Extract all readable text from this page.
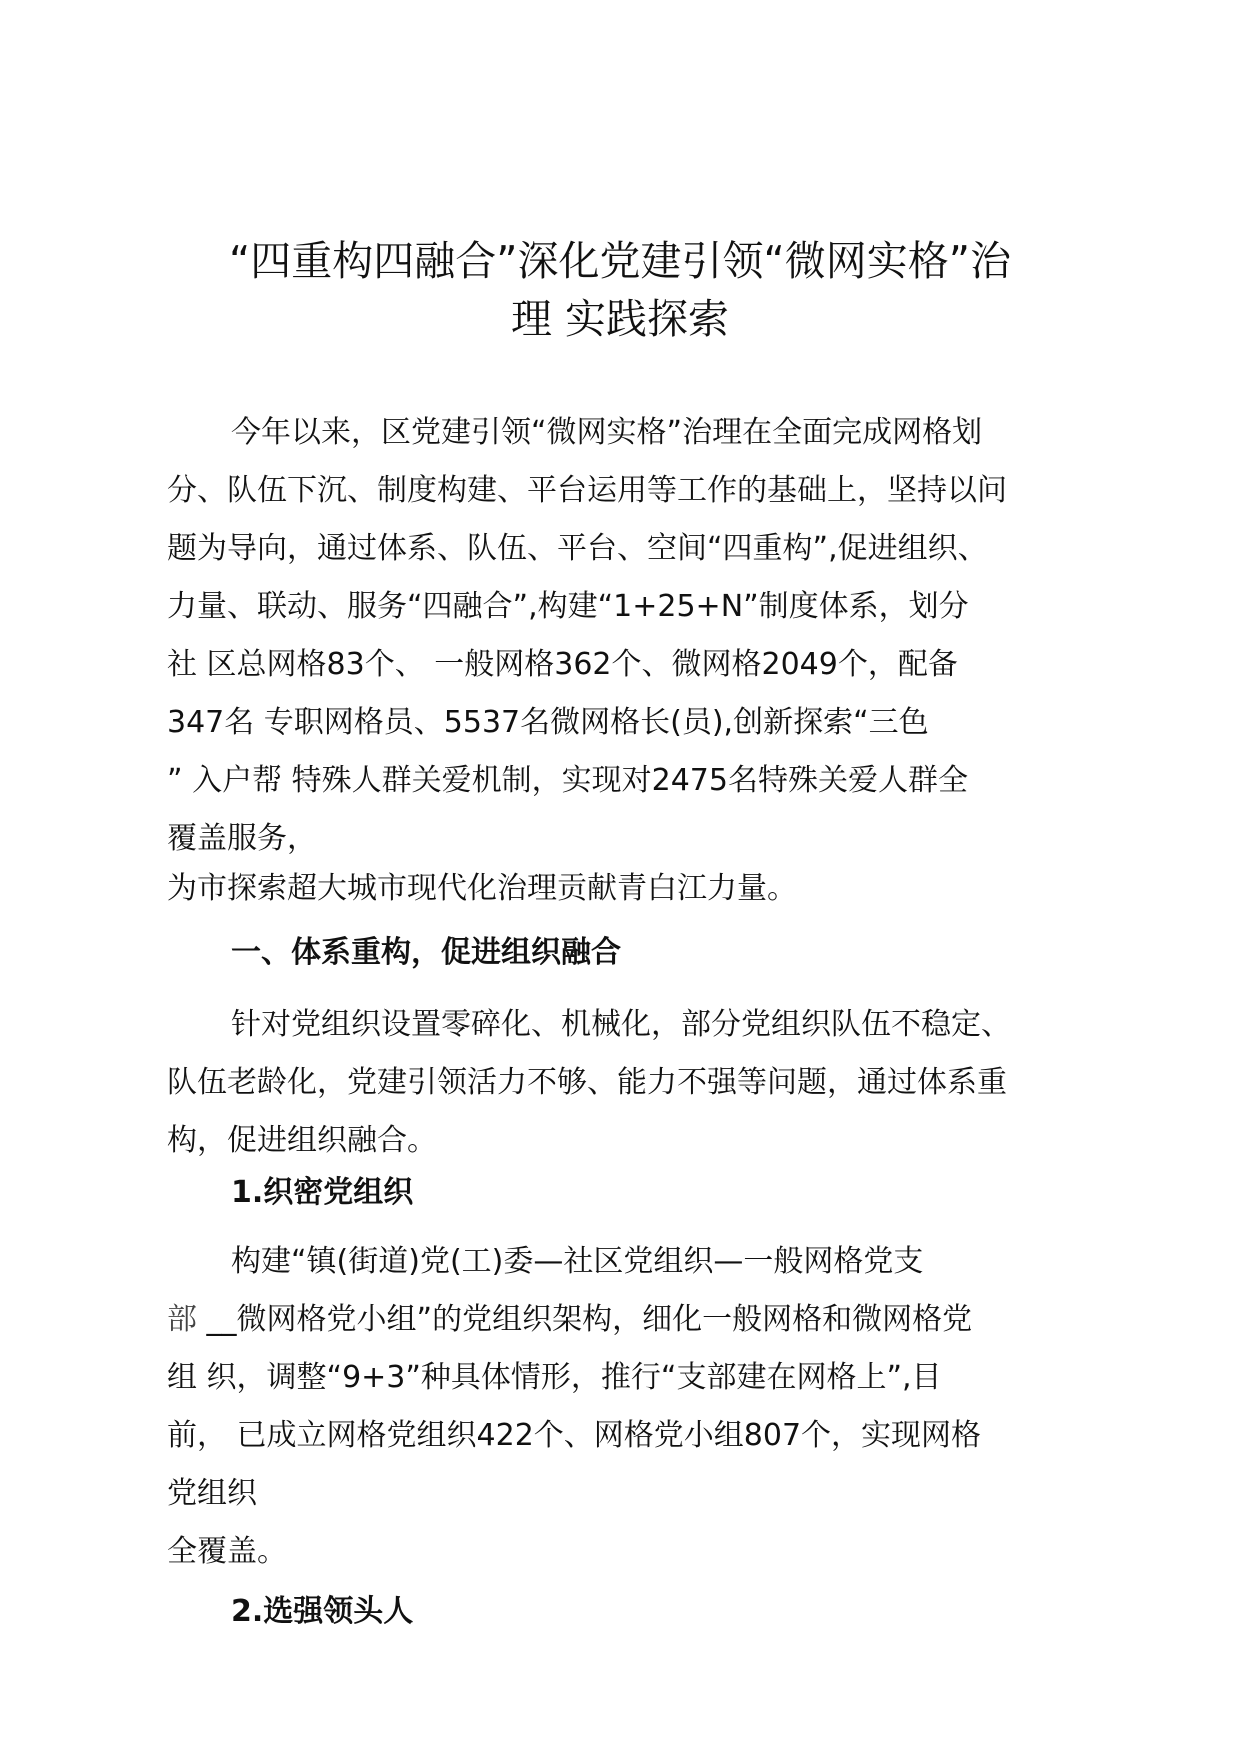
“四重构四融合”深化党建引领“微网实格”治
理 实践探索
今年以来，区党建引领“微网实格”治理在全面完成网格划
分、队伍下沉、制度构建、平台运用等工作的基础上，坚持以问
题为导向，通过体系、队伍、平台、空间“四重构”,促进组织、
力量、联动、服务“四融合”,构建“1+25+N”制度体系，划分
社 区总网格83个、 一般网格362个、微网格2049个，配备
347名 专职网格员、5537名微网格长(员),创新探索“三色
” 入户帮 特殊人群关爱机制，实现对2475名特殊关爱人群全
覆盖服务，
为市探索超大城市现代化治理贡献青白江力量。
一、体系重构，促进组织融合
针对党组织设置零碎化、机械化，部分党组织队伍不稳定、
队伍老龄化，党建引领活力不够、能力不强等问题，通过体系重
构，促进组织融合。
1.织密党组织
构建“镇(街道)党(工)委—社区党组织—一般网格党支
部 __微网格党小组”的党组织架构，细化一般网格和微网格党
组 织，调整“9+3”种具体情形，推行“支部建在网格上”,目
前， 已成立网格党组织422个、网格党小组807个，实现网格
党组织
全覆盖。
2.选强领头人
